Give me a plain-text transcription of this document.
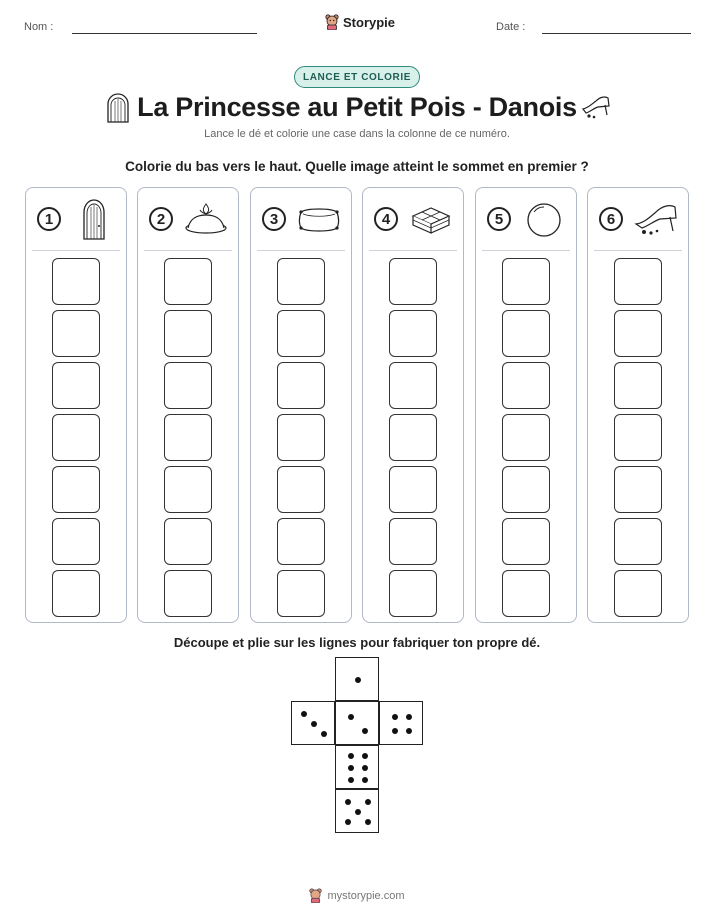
Nom :	Storypie	Date :
LANCE ET COLORIE
La Princesse au Petit Pois - Danois
Lance le dé et colorie une case dans la colonne de ce numéro.
Colorie du bas vers le haut. Quelle image atteint le sommet en premier ?
1	2	3	4	5	6
Découpe et plie sur les lignes pour fabriquer ton propre dé.
mystorypie.com
